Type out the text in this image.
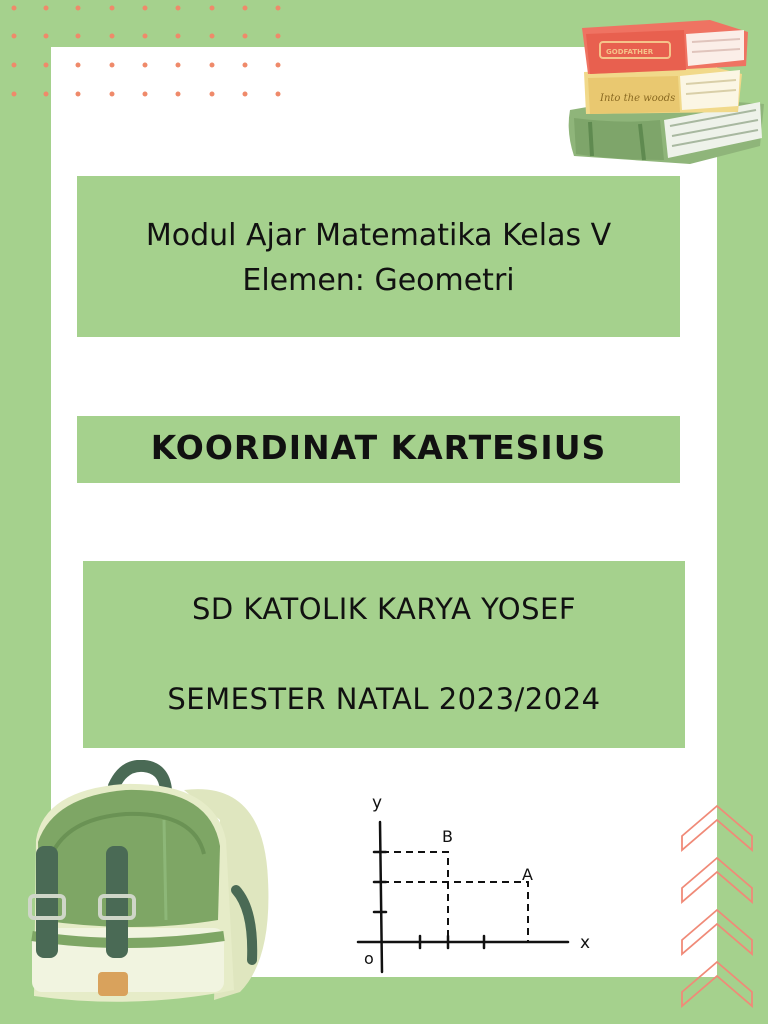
Into the woods
GODFATHER
Modul Ajar Matematika Kelas V
Elemen: Geometri
KOORDINAT KARTESIUS
SD KATOLIK KARYA YOSEF
SEMESTER NATAL 2023/2024
y
x
o
B
A
